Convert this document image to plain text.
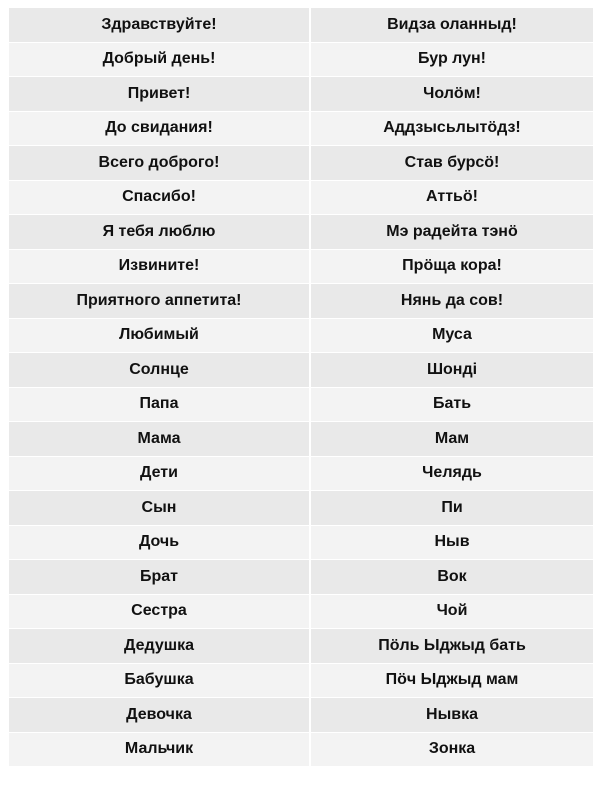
Здравствуйте!	Видза оланныд!
Добрый день!	Бур лун!
Привет!	Чолӧм!
До свидания!	Аддзысьлытӧдз!
Всего доброго!	Став бурсӧ!
Спасибо!	Аттьӧ!
Я тебя люблю	Мэ радейта тэнӧ
Извините!	Прӧща кора!
Приятного аппетита!	Нянь да сов!
Любимый	Муса
Солнце	Шонді
Папа	Бать
Мама	Мам
Дети	Челядь
Сын	Пи
Дочь	Ныв
Брат	Вок
Сестра	Чой
Дедушка	Пӧль Ыджыд бать
Бабушка	Пӧч Ыджыд мам
Девочка	Нывка
Мальчик	Зонка
